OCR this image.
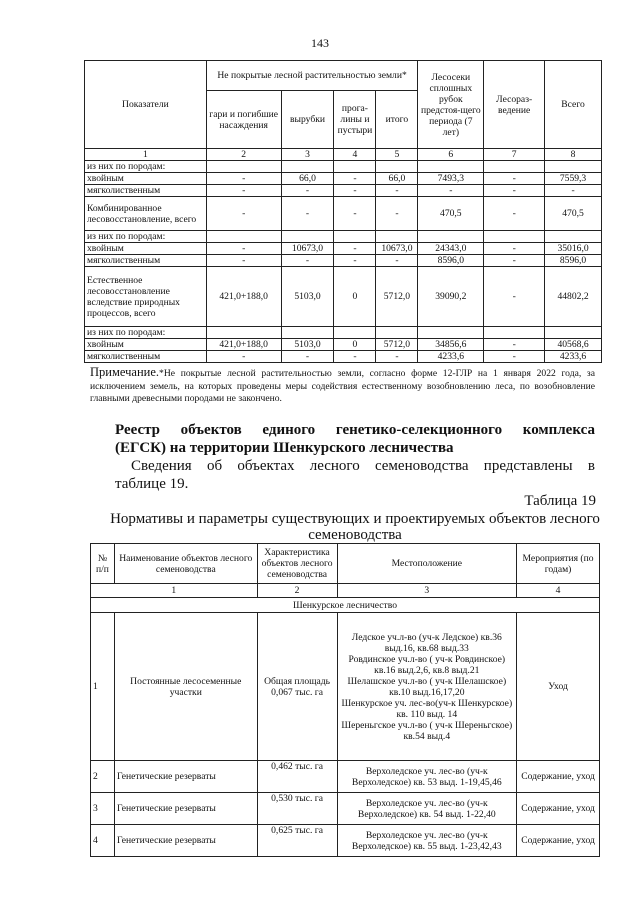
143
Показатели	Не покрытые лесной растительностью земли*				Лесосеки сплошных рубок предстоя-щего периода (7 лет)	Лесораз-ведение	Всего
	гари и погибшие насаждения	вырубки	прога-лины и пустыри	итого			
1	2	3	4	5	6	7	8
из них по породам:							
хвойным	-	66,0	-	66,0	7493,3	-	7559,3
мягколиственным	-	-	-	-	-	-	-
Комбинированное лесовосстановление, всего	-	-	-	-	470,5	-	470,5
из них по породам:							
хвойным	-	10673,0	-	10673,0	24343,0	-	35016,0
мягколиственным	-	-	-	-	8596,0	-	8596,0
Естественное лесовосстановление вследствие природных процессов, всего	421,0+188,0	5103,0	0	5712,0	39090,2	-	44802,2
из них по породам:							
хвойным	421,0+188,0	5103,0	0	5712,0	34856,6	-	40568,6
мягколиственным	-	-	-	-	4233,6	-	4233,6
Примечание.*Не покрытые лесной растительностью земли, согласно форме 12-ГЛР на 1 января 2022 года, за исключением земель, на которых проведены меры содействия естественному возобновлению леса, по возобновление главными древесными породами не закончено.
Реестр объектов единого генетико-селекционного комплекса
(ЕГСК) на территории Шенкурского лесничества
Сведения об объектах лесного семеноводства представлены в
таблице 19.
Таблица 19
Нормативы и параметры существующих и проектируемых объектов лесного семеноводства
№ п/п	Наименование объектов лесного семеноводства	Характеристика объектов лесного семеноводства	Местоположение	Мероприятия (по годам)
1		2	3	4
Шенкурское лесничество				
1	Постоянные лесосеменные участки	Общая площадь 0,067 тыс. га	Ледское уч.л-во (уч-к Ледское) кв.36 выд.16, кв.68 выд.33
Ровдинское уч.л-во ( уч-к Ровдинское) кв.16 выд.2,6, кв.8 выд.21
Шелашское уч.л-во ( уч-к Шелашское) кв.10 выд.16,17,20
Шенкурское уч. лес-во(уч-к Шенкурское) кв. 110 выд. 14
Шереньгское уч.л-во ( уч-к Шереньгское) кв.54 выд.4	Уход
2	Генетические резерваты	0,462 тыс. га	Верхоледское уч. лес-во (уч-к Верхоледское) кв. 53 выд. 1-19,45,46	Содержание, уход
3	Генетические резерваты	0,530 тыс. га	Верхоледское уч. лес-во (уч-к Верхоледское) кв. 54 выд. 1-22,40	Содержание, уход
4	Генетические резерваты	0,625 тыс. га	Верхоледское уч. лес-во (уч-к Верхоледское) кв. 55 выд. 1-23,42,43	Содержание, уход
